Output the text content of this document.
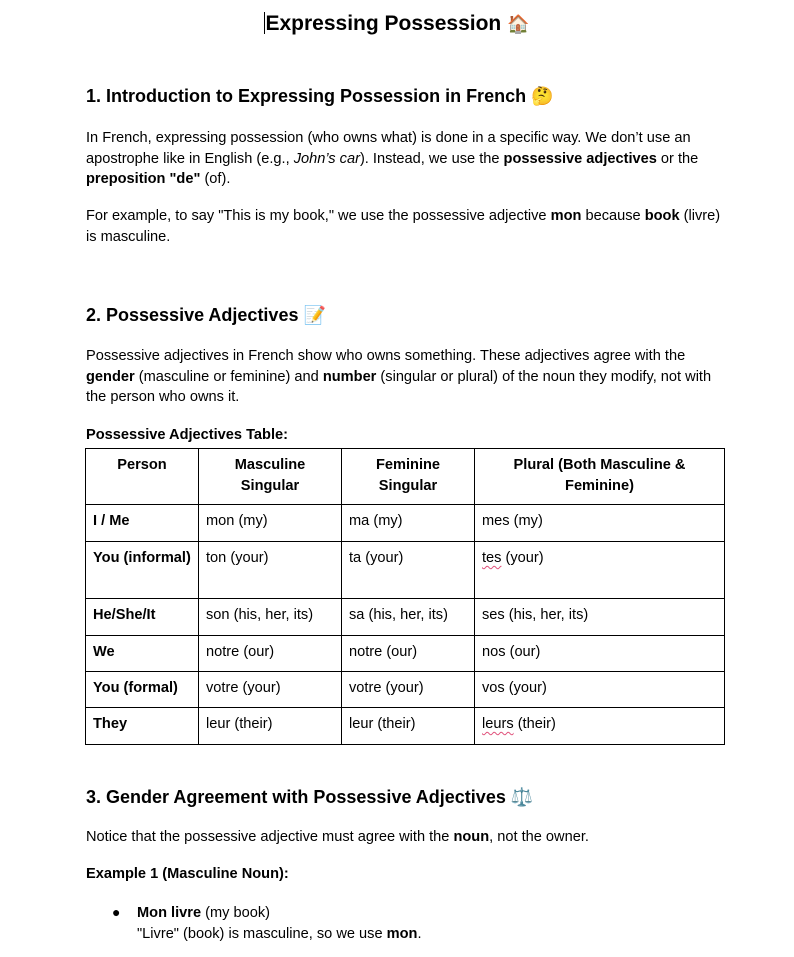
Expressing Possession 🏠
1. Introduction to Expressing Possession in French 🤔
In French, expressing possession (who owns what) is done in a specific way. We don’t use an apostrophe like in English (e.g., John’s car). Instead, we use the possessive adjectives or the preposition "de" (of).
For example, to say "This is my book," we use the possessive adjective mon because book (livre) is masculine.
2. Possessive Adjectives 📝
Possessive adjectives in French show who owns something. These adjectives agree with the gender (masculine or feminine) and number (singular or plural) of the noun they modify, not with the person who owns it.
Possessive Adjectives Table:
Person	Masculine Singular	Feminine Singular	Plural (Both Masculine & Feminine)
I / Me	mon (my)	ma (my)	mes (my)
You (informal)	ton (your)	ta (your)	tes (your)
He/She/It	son (his, her, its)	sa (his, her, its)	ses (his, her, its)
We	notre (our)	notre (our)	nos (our)
You (formal)	votre (your)	votre (your)	vos (your)
They	leur (their)	leur (their)	leurs (their)
3. Gender Agreement with Possessive Adjectives ⚖️
Notice that the possessive adjective must agree with the noun, not the owner.
Example 1 (Masculine Noun):
● Mon livre (my book)
"Livre" (book) is masculine, so we use mon.
